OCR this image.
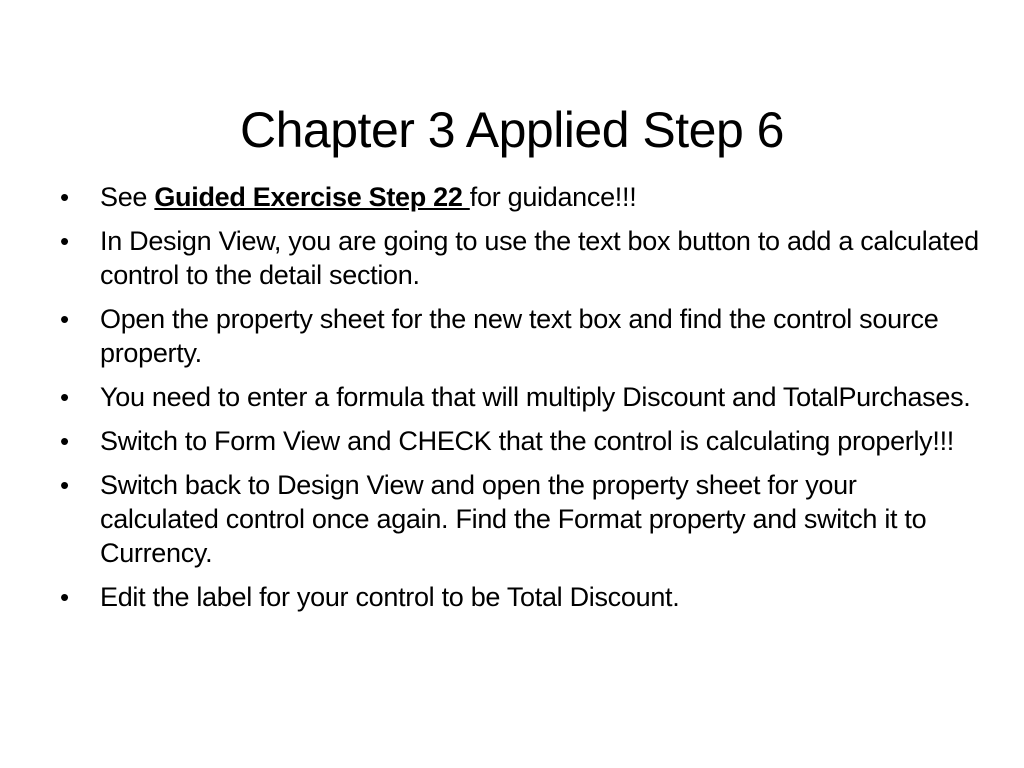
Chapter 3 Applied Step 6
•	See Guided Exercise Step 22 for guidance!!!
•	In Design View, you are going to use the text box button to add a calculated control to the detail section.
•	Open the property sheet for the new text box and find the control source property.
•	You need to enter a formula that will multiply Discount and TotalPurchases.
•	Switch to Form View and CHECK that the control is calculating properly!!!
•	Switch back to Design View and open the property sheet for your calculated control once again. Find the Format property and switch it to Currency.
•	Edit the label for your control to be Total Discount.
